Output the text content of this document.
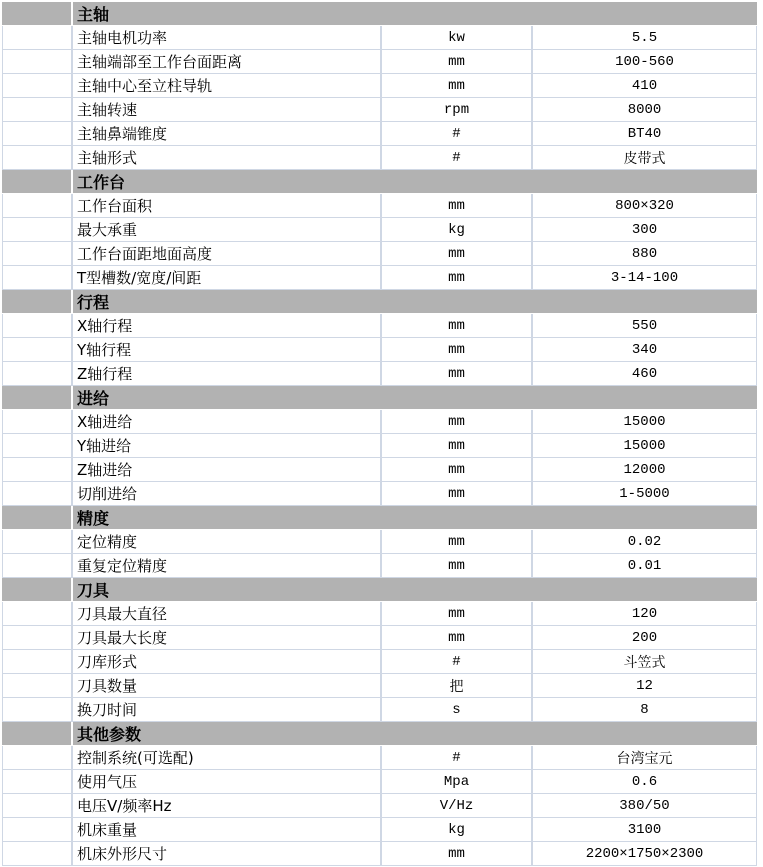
主轴
主轴电机功率	kw	5.5
主轴端部至工作台面距离	mm	100-560
主轴中心至立柱导轨	mm	410
主轴转速	rpm	8000
主轴鼻端锥度	#	BT40
主轴形式	#	皮带式
工作台
工作台面积	mm	800×320
最大承重	kg	300
工作台面距地面高度	mm	880
T型槽数/宽度/间距	mm	3-14-100
行程
X轴行程	mm	550
Y轴行程	mm	340
Z轴行程	mm	460
进给
X轴进给	mm	15000
Y轴进给	mm	15000
Z轴进给	mm	12000
切削进给	mm	1-5000
精度
定位精度	mm	0.02
重复定位精度	mm	0.01
刀具
刀具最大直径	mm	120
刀具最大长度	mm	200
刀库形式	#	斗笠式
刀具数量	把	12
换刀时间	s	8
其他参数
控制系统(可选配)	#	台湾宝元
使用气压	Mpa	0.6
电压V/频率Hz	V/Hz	380/50
机床重量	kg	3100
机床外形尺寸	mm	2200×1750×2300
